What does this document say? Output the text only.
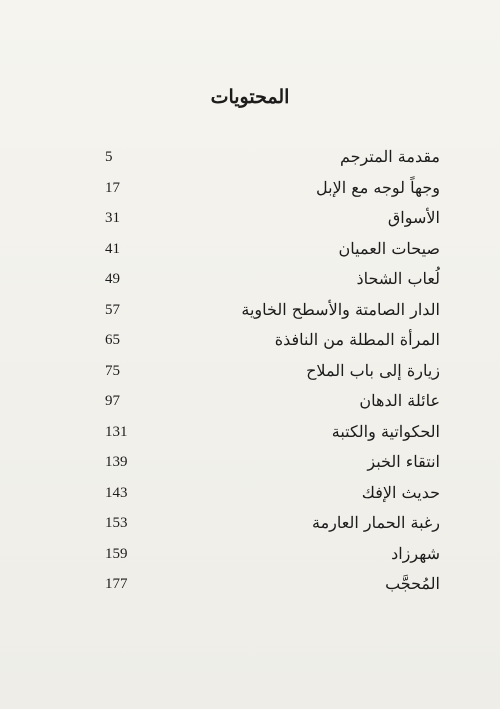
المحتويات
مقدمة المترجم
5
وجهاً لوجه مع الإبل
17
الأسواق
31
صيحات العميان
41
لُعاب الشحاذ
49
الدار الصامتة والأسطح الخاوية
57
المرأة المطلة من النافذة
65
زيارة إلى باب الملاح
75
عائلة الدهان
97
الحكواتية والكتبة
131
انتقاء الخبز
139
حديث الإفك
143
رغبة الحمار العارمة
153
شهرزاد
159
المُحجَّب
177
